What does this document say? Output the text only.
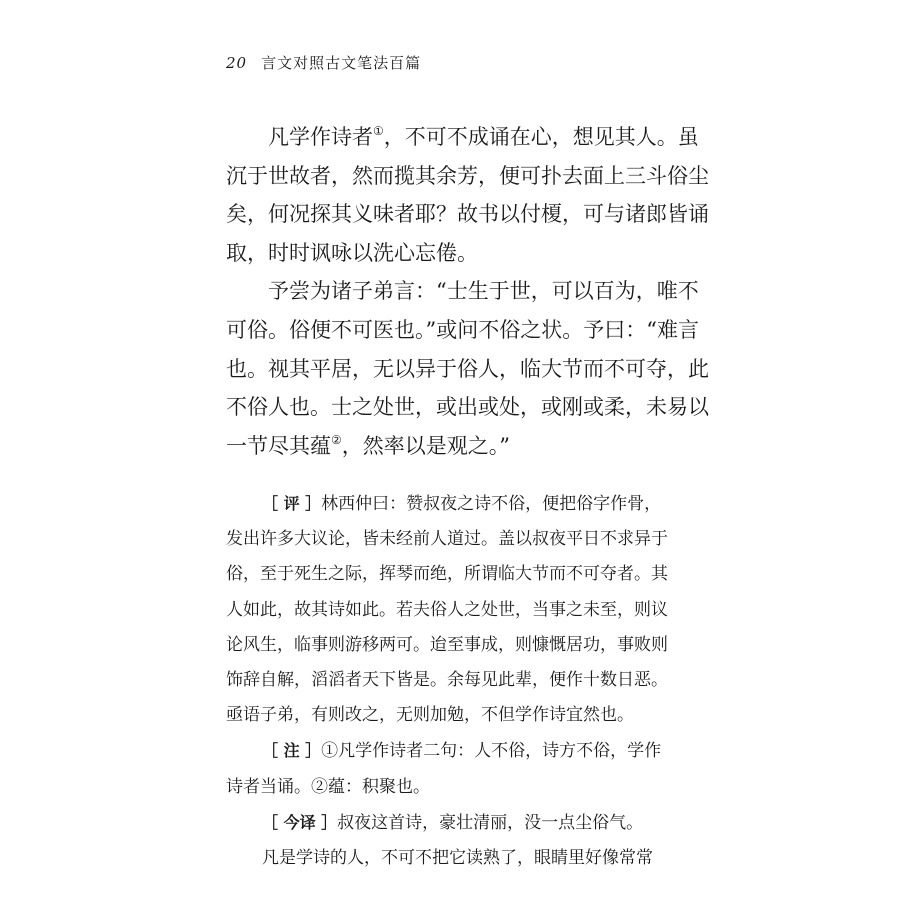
20 言文对照古文笔法百篇
凡学作诗者①，不可不成诵在心，想见其人。虽
沉于世故者，然而揽其余芳，便可扑去面上三斗俗尘
矣，何况探其义味者耶？故书以付榎，可与诸郎皆诵
取，时时讽咏以洗心忘倦。
予尝为诸子弟言：“士生于世，可以百为，唯不
可俗。俗便不可医也。”或问不俗之状。予曰：“难言
也。视其平居，无以异于俗人，临大节而不可夺，此
不俗人也。士之处世，或出或处，或刚或柔，未易以
一节尽其蕴②，然率以是观之。”
［ 评 ］林西仲曰：赞叔夜之诗不俗，便把俗字作骨，
发出许多大议论，皆未经前人道过。盖以叔夜平日不求异于
俗，至于死生之际，挥琴而绝，所谓临大节而不可夺者。其
人如此，故其诗如此。若夫俗人之处世，当事之未至，则议
论风生，临事则游移两可。迨至事成，则慷慨居功，事败则
饰辞自解，滔滔者天下皆是。余每见此辈，便作十数日恶。
亟语子弟，有则改之，无则加勉，不但学作诗宜然也。
［ 注 ］①凡学作诗者二句：人不俗，诗方不俗，学作
诗者当诵。②蕴：积聚也。
［ 今译 ］叔夜这首诗，豪壮清丽，没一点尘俗气。
凡是学诗的人，不可不把它读熟了，眼睛里好像常常
